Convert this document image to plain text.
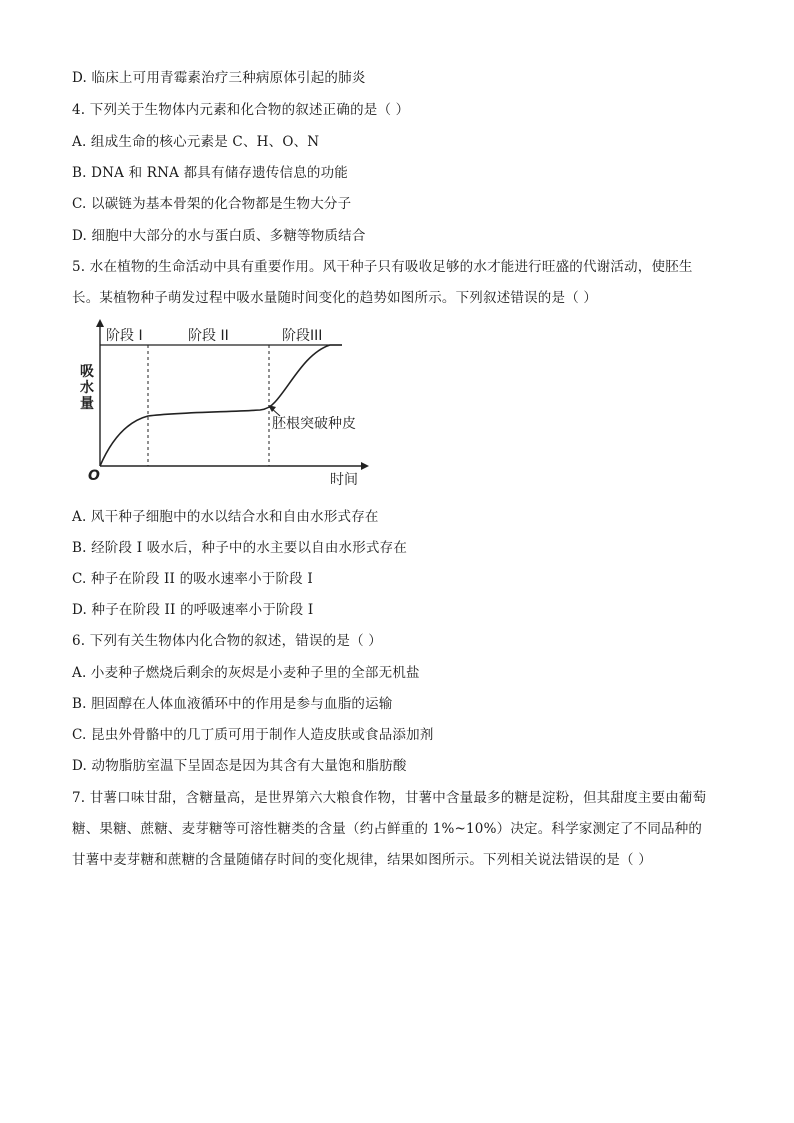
D. 临床上可用青霉素治疗三种病原体引起的肺炎
4. 下列关于生物体内元素和化合物的叙述正确的是（ ）
A. 组成生命的核心元素是 C、H、O、N
B. DNA 和 RNA 都具有储存遗传信息的功能
C. 以碳链为基本骨架的化合物都是生物大分子
D. 细胞中大部分的水与蛋白质、多糖等物质结合
5. 水在植物的生命活动中具有重要作用。风干种子只有吸收足够的水才能进行旺盛的代谢活动，使胚生
长。某植物种子萌发过程中吸水量随时间变化的趋势如图所示。下列叙述错误的是（ ）
阶段 I	阶段 II	阶段III
胚根突破种皮
吸
水
量
O	时间
A. 风干种子细胞中的水以结合水和自由水形式存在
B. 经阶段 I 吸水后，种子中的水主要以自由水形式存在
C. 种子在阶段 II 的吸水速率小于阶段 I
D. 种子在阶段 II 的呼吸速率小于阶段 I
6. 下列有关生物体内化合物的叙述，错误的是（ ）
A. 小麦种子燃烧后剩余的灰烬是小麦种子里的全部无机盐
B. 胆固醇在人体血液循环中的作用是参与血脂的运输
C. 昆虫外骨骼中的几丁质可用于制作人造皮肤或食品添加剂
D. 动物脂肪室温下呈固态是因为其含有大量饱和脂肪酸
7. 甘薯口味甘甜，含糖量高，是世界第六大粮食作物，甘薯中含量最多的糖是淀粉，但其甜度主要由葡萄
糖、果糖、蔗糖、麦芽糖等可溶性糖类的含量（约占鲜重的 1%~10%）决定。科学家测定了不同品种的
甘薯中麦芽糖和蔗糖的含量随储存时间的变化规律，结果如图所示。下列相关说法错误的是（ ）
